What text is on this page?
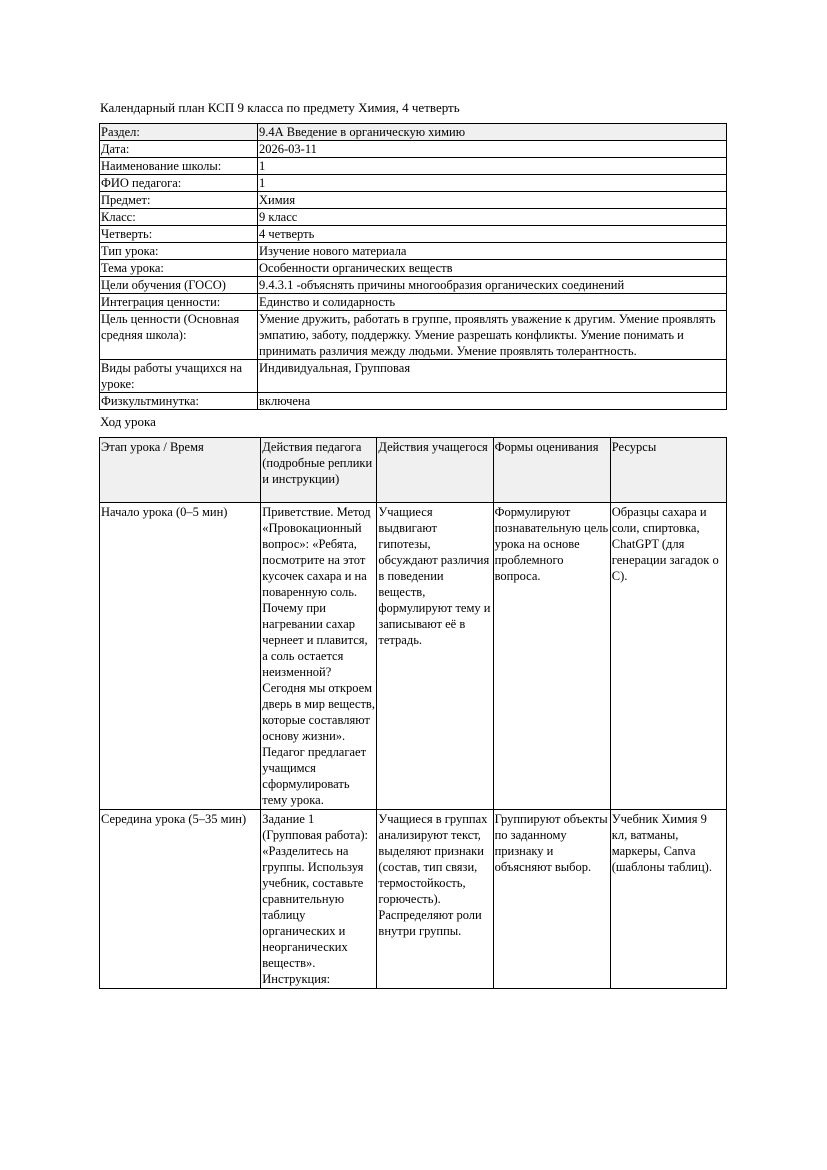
Календарный план КСП 9 класса по предмету Химия, 4 четверть
Раздел:	9.4А Введение в органическую химию
Дата:	2026-03-11
Наименование школы:	1
ФИО педагога:	1
Предмет:	Химия
Класс:	9 класс
Четверть:	4 четверть
Тип урока:	Изучение нового материала
Тема урока:	Особенности органических веществ
Цели обучения (ГОСО)	9.4.3.1 -объяснять причины многообразия органических соединений
Интеграция ценности:	Единство и солидарность
Цель ценности (Основная средняя школа):	Умение дружить, работать в группе, проявлять уважение к другим. Умение проявлять эмпатию, заботу, поддержку. Умение разрешать конфликты. Умение понимать и принимать различия между людьми. Умение проявлять толерантность.
Виды работы учащихся на уроке:	Индивидуальная, Групповая
Физкультминутка:	включена
Ход урока
Этап урока / Время	Действия педагога (подробные реплики и инструкции)	Действия учащегося	Формы оценивания	Ресурсы
Начало урока (0–5 мин)	Приветствие. Метод «Провокационный вопрос»: «Ребята, посмотрите на этот кусочек сахара и на поваренную соль. Почему при нагревании сахар чернеет и плавится, а соль остается неизменной? Сегодня мы откроем дверь в мир веществ, которые составляют основу жизни». Педагог предлагает учащимся сформулировать тему урока.	Учащиеся выдвигают гипотезы, обсуждают различия в поведении веществ, формулируют тему и записывают её в тетрадь.	Формулируют познавательную цель урока на основе проблемного вопроса.	Образцы сахара и соли, спиртовка, ChatGPT (для генерации загадок о С).
Середина урока (5–35 мин)	Задание 1 (Групповая работа): «Разделитесь на группы. Используя учебник, составьте сравнительную таблицу органических и неорганических веществ». Инструкция:	Учащиеся в группах анализируют текст, выделяют признаки (состав, тип связи, термостойкость, горючесть). Распределяют роли внутри группы.	Группируют объекты по заданному признаку и объясняют выбор.	Учебник Химия 9 кл, ватманы, маркеры, Canva (шаблоны таблиц).
